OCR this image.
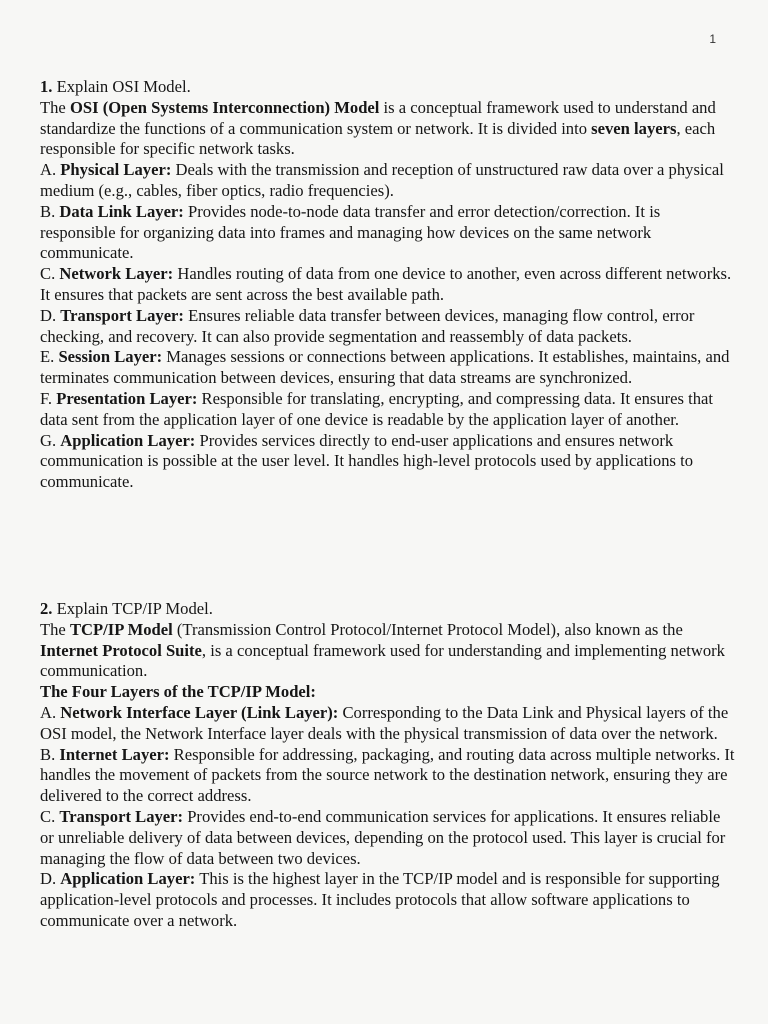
1

1. Explain OSI Model.

The OSI (Open Systems Interconnection) Model is a conceptual framework used to understand and standardize the functions of a communication system or network. It is divided into seven layers, each responsible for specific network tasks.

A. Physical Layer: Deals with the transmission and reception of unstructured raw data over a physical medium (e.g., cables, fiber optics, radio frequencies).

B. Data Link Layer: Provides node-to-node data transfer and error detection/correction. It is responsible for organizing data into frames and managing how devices on the same network communicate.

C. Network Layer: Handles routing of data from one device to another, even across different networks. It ensures that packets are sent across the best available path.

D. Transport Layer: Ensures reliable data transfer between devices, managing flow control, error checking, and recovery. It can also provide segmentation and reassembly of data packets.

E. Session Layer: Manages sessions or connections between applications. It establishes, maintains, and terminates communication between devices, ensuring that data streams are synchronized.

F. Presentation Layer: Responsible for translating, encrypting, and compressing data. It ensures that data sent from the application layer of one device is readable by the application layer of another.

G. Application Layer: Provides services directly to end-user applications and ensures network communication is possible at the user level. It handles high-level protocols used by applications to communicate.

2. Explain TCP/IP Model.

The TCP/IP Model (Transmission Control Protocol/Internet Protocol Model), also known as the Internet Protocol Suite, is a conceptual framework used for understanding and implementing network communication.

The Four Layers of the TCP/IP Model:

A. Network Interface Layer (Link Layer): Corresponding to the Data Link and Physical layers of the OSI model, the Network Interface layer deals with the physical transmission of data over the network.

B. Internet Layer: Responsible for addressing, packaging, and routing data across multiple networks. It handles the movement of packets from the source network to the destination network, ensuring they are delivered to the correct address.

C. Transport Layer: Provides end-to-end communication services for applications. It ensures reliable or unreliable delivery of data between devices, depending on the protocol used. This layer is crucial for managing the flow of data between two devices.

D. Application Layer: This is the highest layer in the TCP/IP model and is responsible for supporting application-level protocols and processes. It includes protocols that allow software applications to communicate over a network.
